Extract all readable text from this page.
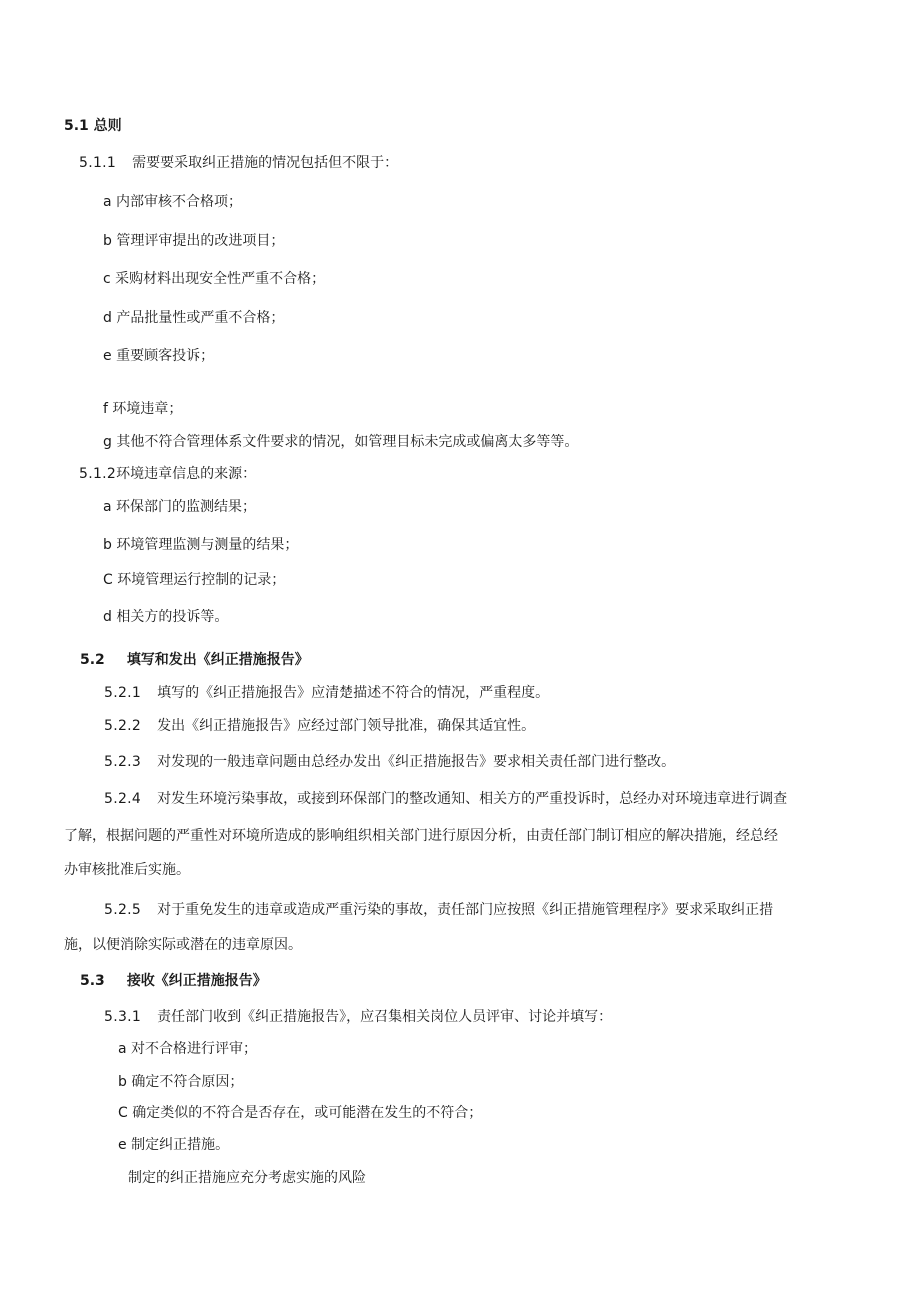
5.1 总则
5.1.1 需要要采取纠正措施的情况包括但不限于：
a 内部审核不合格项；
b 管理评审提出的改进项目；
c 采购材料出现安全性严重不合格；
d 产品批量性或严重不合格；
e 重要顾客投诉；
f 环境违章；
g 其他不符合管理体系文件要求的情况，如管理目标未完成或偏离太多等等。
5.1.2环境违章信息的来源：
a 环保部门的监测结果；
b 环境管理监测与测量的结果；
C 环境管理运行控制的记录；
d 相关方的投诉等。
5.2 填写和发出《纠正措施报告》
5.2.1 填写的《纠正措施报告》应清楚描述不符合的情况，严重程度。
5.2.2 发出《纠正措施报告》应经过部门领导批准，确保其适宜性。
5.2.3 对发现的一般违章问题由总经办发出《纠正措施报告》要求相关责任部门进行整改。
5.2.4 对发生环境污染事故，或接到环保部门的整改通知、相关方的严重投诉时，总经办对环境违章进行调查
了解，根据问题的严重性对环境所造成的影响组织相关部门进行原因分析，由责任部门制订相应的解决措施，经总经
办审核批准后实施。
5.2.5 对于重免发生的违章或造成严重污染的事故，责任部门应按照《纠正措施管理程序》要求采取纠正措
施，以便消除实际或潜在的违章原因。
5.3 接收《纠正措施报告》
5.3.1 责任部门收到《纠正措施报告》，应召集相关岗位人员评审、讨论并填写：
a 对不合格进行评审；
b 确定不符合原因；
C 确定类似的不符合是否存在，或可能潜在发生的不符合；
e 制定纠正措施。
制定的纠正措施应充分考虑实施的风险
